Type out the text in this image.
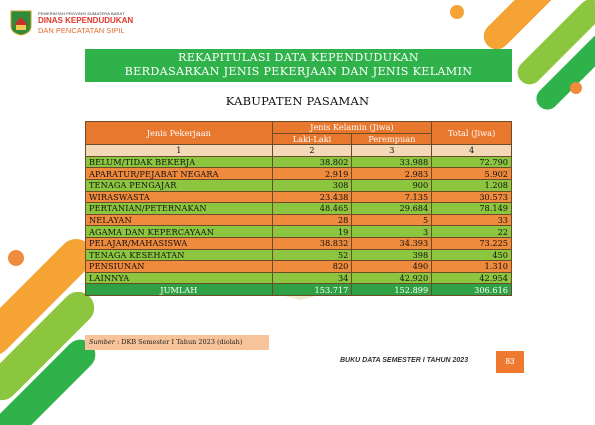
PEMERINTAH PROVINSI SUMATERA BARAT
DINAS KEPENDUDUKAN
DAN PENCATATAN SIPIL
REKAPITULASI DATA KEPENDUDUKAN
BERDASARKAN JENIS PEKERJAAN DAN JENIS KELAMIN
KABUPATEN PASAMAN
Jenis Pekerjaan	Jenis Kelamin (Jiwa)		Total (Jiwa)
	Laki-Laki	Perempuan	
1	2	3	4
BELUM/TIDAK BEKERJA	38.802	33.988	72.790
APARATUR/PEJABAT NEGARA	2.919	2.983	5.902
TENAGA PENGAJAR	308	900	1.208
WIRASWASTA	23.438	7.135	30.573
PERTANIAN/PETERNAKAN	48.465	29.684	78.149
NELAYAN	28	5	33
AGAMA DAN KEPERCAYAAN	19	3	22
PELAJAR/MAHASISWA	38.832	34.393	73.225
TENAGA KESEHATAN	52	398	450
PENSIUNAN	820	490	1.310
LAINNYA	34	42.920	42.954
JUMLAH	153.717	152.899	306.616
Sumber : DKB Semester I Tahun 2023 (diolah)
BUKU DATA SEMESTER I TAHUN 2023	83
